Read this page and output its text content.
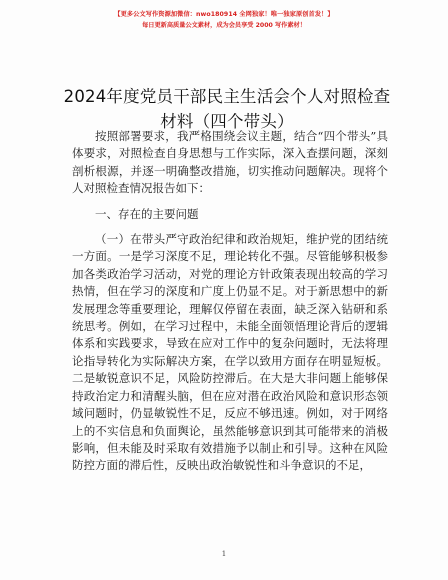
【更多公文写作资源加微信：nwo180914 全网独家！唯一独家原创首发！】
每日更新高质量公文素材，成为会员享受 2000 写作素材！
2024年度党员干部民主生活会个人对照检查材料（四个带头）

按照部署要求，我严格围绕会议主题，结合“四个带头”具体要求，对照检查自身思想与工作实际，深入查摆问题，深刻剖析根源，并逐一明确整改措施，切实推动问题解决。现将个人对照检查情况报告如下：

一、存在的主要问题

（一）在带头严守政治纪律和政治规矩，维护党的团结统一方面。一是学习深度不足，理论转化不强。尽管能够积极参加各类政治学习活动，对党的理论方针政策表现出较高的学习热情，但在学习的深度和广度上仍显不足。对于新思想中的新发展理念等重要理论，理解仅停留在表面，缺乏深入钻研和系统思考。例如，在学习过程中，未能全面领悟理论背后的逻辑体系和实践要求，导致在应对工作中的复杂问题时，无法将理论指导转化为实际解决方案，在学以致用方面存在明显短板。二是敏锐意识不足，风险防控滞后。在大是大非问题上能够保持政治定力和清醒头脑，但在应对潜在政治风险和意识形态领域问题时，仍显敏锐性不足，反应不够迅速。例如，对于网络上的不实信息和负面舆论，虽然能够意识到其可能带来的消极影响，但未能及时采取有效措施予以制止和引导。这种在风险防控方面的滞后性，反映出政治敏锐性和斗争意识的不足，

1
